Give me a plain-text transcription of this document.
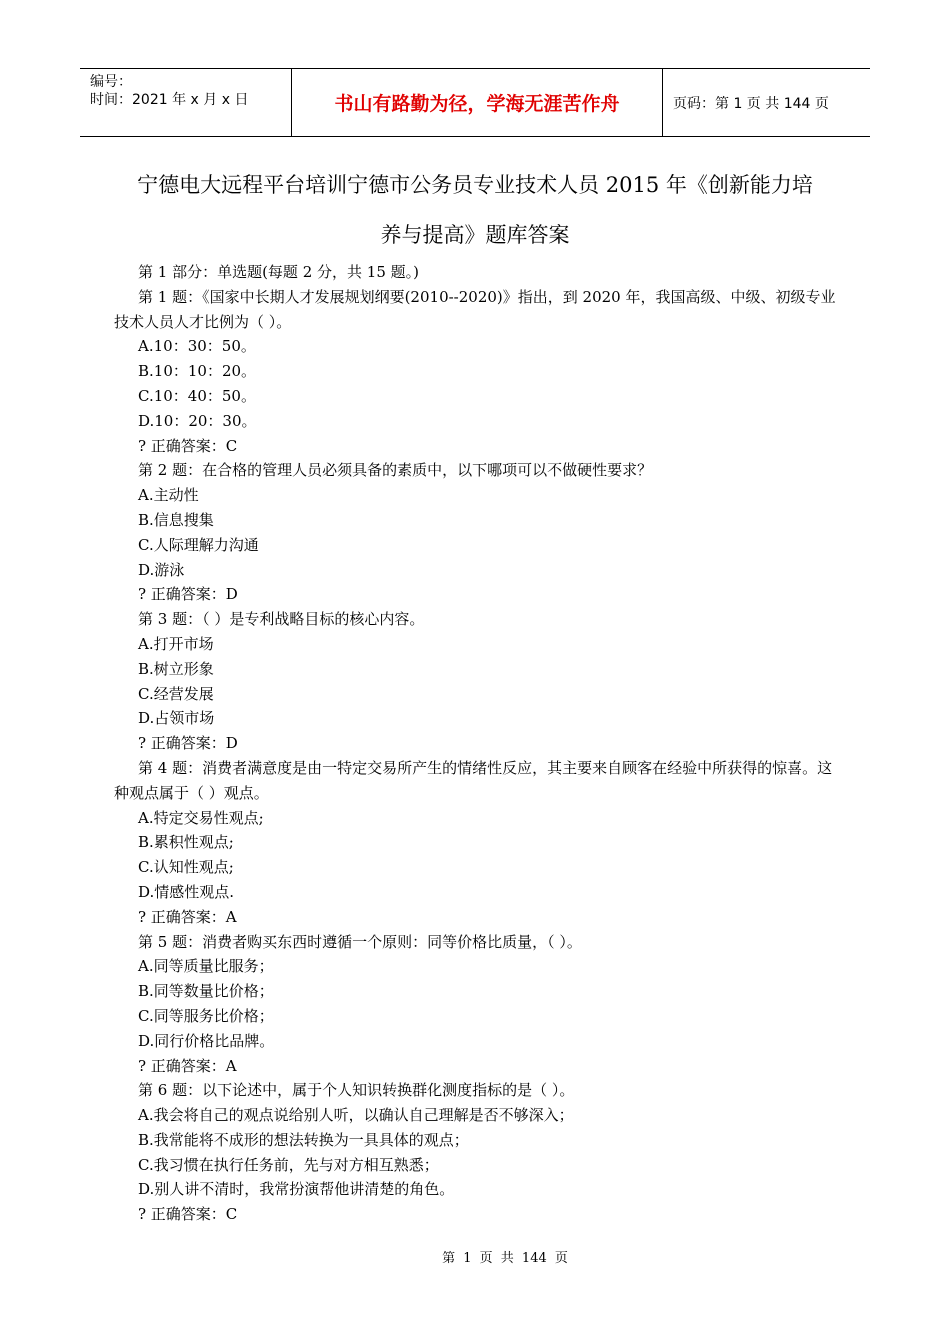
编号：
时间：2021 年 x 月 x 日	书山有路勤为径，学海无涯苦作舟	页码：第 1 页 共 144 页
宁德电大远程平台培训宁德市公务员专业技术人员 2015 年《创新能力培
养与提高》题库答案
第 1 部分：单选题(每题 2 分，共 15 题。)
第 1 题：《国家中长期人才发展规划纲要(2010--2020)》指出，到 2020 年，我国高级、中级、初级专业技术人员人才比例为（ ）。
A.10：30：50。
B.10：10：20。
C.10：40：50。
D.10：20：30。
? 正确答案：C
第 2 题：在合格的管理人员必须具备的素质中，以下哪项可以不做硬性要求？
A.主动性
B.信息搜集
C.人际理解力沟通
D.游泳
? 正确答案：D
第 3 题：（ ）是专利战略目标的核心内容。
A.打开市场
B.树立形象
C.经营发展
D.占领市场
? 正确答案：D
第 4 题：消费者满意度是由一特定交易所产生的情绪性反应，其主要来自顾客在经验中所获得的惊喜。这种观点属于（ ）观点。
A.特定交易性观点;
B.累积性观点;
C.认知性观点;
D.情感性观点.
? 正确答案：A
第 5 题：消费者购买东西时遵循一个原则：同等价格比质量，（ ）。
A.同等质量比服务；
B.同等数量比价格；
C.同等服务比价格；
D.同行价格比品牌。
? 正确答案：A
第 6 题：以下论述中，属于个人知识转换群化测度指标的是（ ）。
A.我会将自己的观点说给别人听，以确认自己理解是否不够深入；
B.我常能将不成形的想法转换为一具具体的观点；
C.我习惯在执行任务前，先与对方相互熟悉；
D.别人讲不清时，我常扮演帮他讲清楚的角色。
? 正确答案：C
第 1 页 共 144 页
